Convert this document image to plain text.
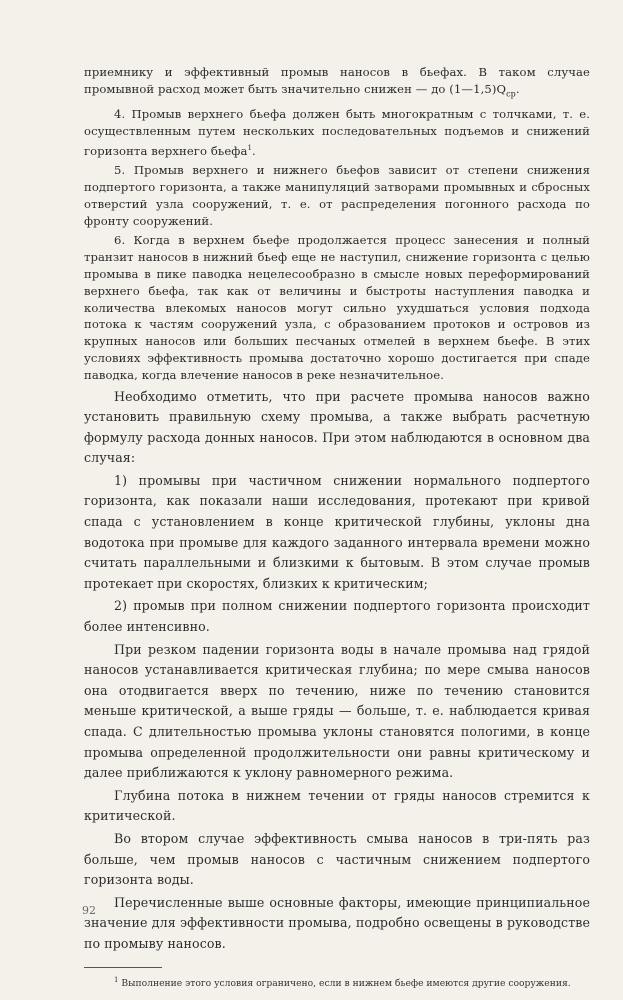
приемнику и эффективный промыв наносов в бьефах. В таком случае промывной расход может быть значительно снижен — до $(1—1,5)Q_{ср}$.

4. Промыв верхнего бьефа должен быть многократным с толчками, т. е. осуществленным путем нескольких последовательных подъемов и снижений горизонта верхнего бьефа$^1$.

5. Промыв верхнего и нижнего бьефов зависит от степени снижения подпертого горизонта, а также манипуляций затворами промывных и сбросных отверстий узла сооружений, т. е. от распределения погонного расхода по фронту сооружений.

6. Когда в верхнем бьефе продолжается процесс занесения и полный транзит наносов в нижний бьеф еще не наступил, снижение горизонта с целью промыва в пике паводка нецелесообразно в смысле новых переформирований верхнего бьефа, так как от величины и быстроты наступления паводка и количества влекомых наносов могут сильно ухудшаться условия подхода потока к частям сооружений узла, с образованием протоков и островов из крупных наносов или больших песчаных отмелей в верхнем бьефе. В этих условиях эффективность промыва достаточно хорошо достигается при спаде паводка, когда влечение наносов в реке незначительное.

Необходимо отметить, что при расчете промыва наносов важно установить правильную схему промыва, а также выбрать расчетную формулу расхода донных наносов. При этом наблюдаются в основном два случая:

1) промывы при частичном снижении нормального подпертого горизонта, как показали наши исследования, протекают при кривой спада с установлением в конце критической глубины, уклоны дна водотока при промыве для каждого заданного интервала времени можно считать параллельными и близкими к бытовым. В этом случае промыв протекает при скоростях, близких к критическим;

2) промыв при полном снижении подпертого горизонта происходит более интенсивно.

При резком падении горизонта воды в начале промыва над грядой наносов устанавливается критическая глубина; по мере смыва наносов она отодвигается вверх по течению, ниже по течению становится меньше критической, а выше гряды — больше, т. е. наблюдается кривая спада. С длительностью промыва уклоны становятся пологими, в конце промыва определенной продолжительности они равны критическому и далее приближаются к уклону равномерного режима.

Глубина потока в нижнем течении от гряды наносов стремится к критической.

Во втором случае эффективность смыва наносов в три-пять раз больше, чем промыв наносов с частичным снижением подпертого горизонта воды.

Перечисленные выше основные факторы, имеющие принципиальное значение для эффективности промыва, подробно освещены в руководстве по промыву наносов.

$^1$ Выполнение этого условия ограничено, если в нижнем бьефе имеются другие сооружения.

92
